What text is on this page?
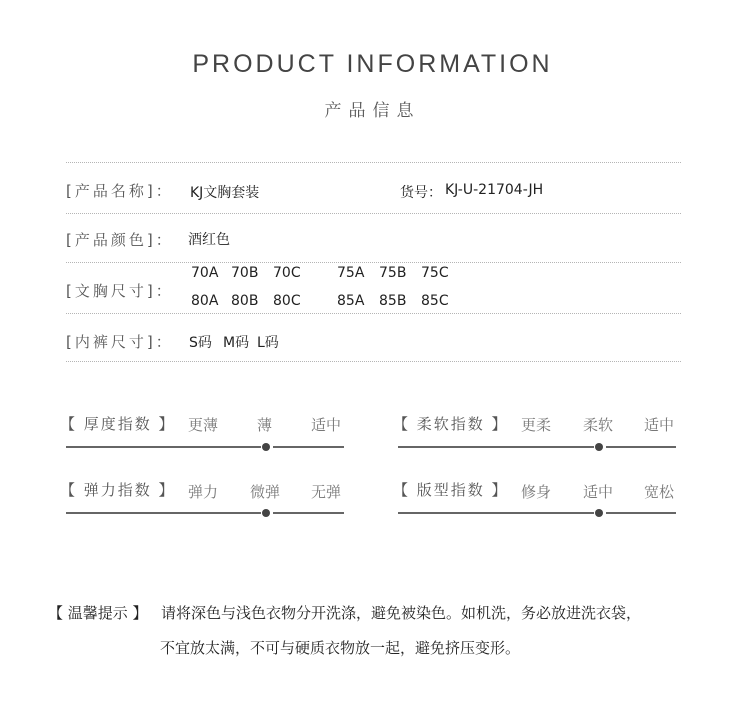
PRODUCT INFORMATION
产品信息
[产品名称]： KJ文胸套装	货号： KJ-U-21704-JH
[产品颜色]： 酒红色
[文胸尺寸]：
70A 70B 70C	75A 75B 75C
80A 80B 80C	85A 85B 85C
[内裤尺寸]： S码 M码 L码
【 厚度指数 】 更薄	薄	适中	【 柔软指数 】 更柔 柔软 适中
【 弹力指数 】 弹力 微弹 无弹	【 版型指数 】 修身 适中 宽松
【 温馨提示 】 请将深色与浅色衣物分开洗涤，避免被染色。如机洗，务必放进洗衣袋，
不宜放太满，不可与硬质衣物放一起，避免挤压变形。
